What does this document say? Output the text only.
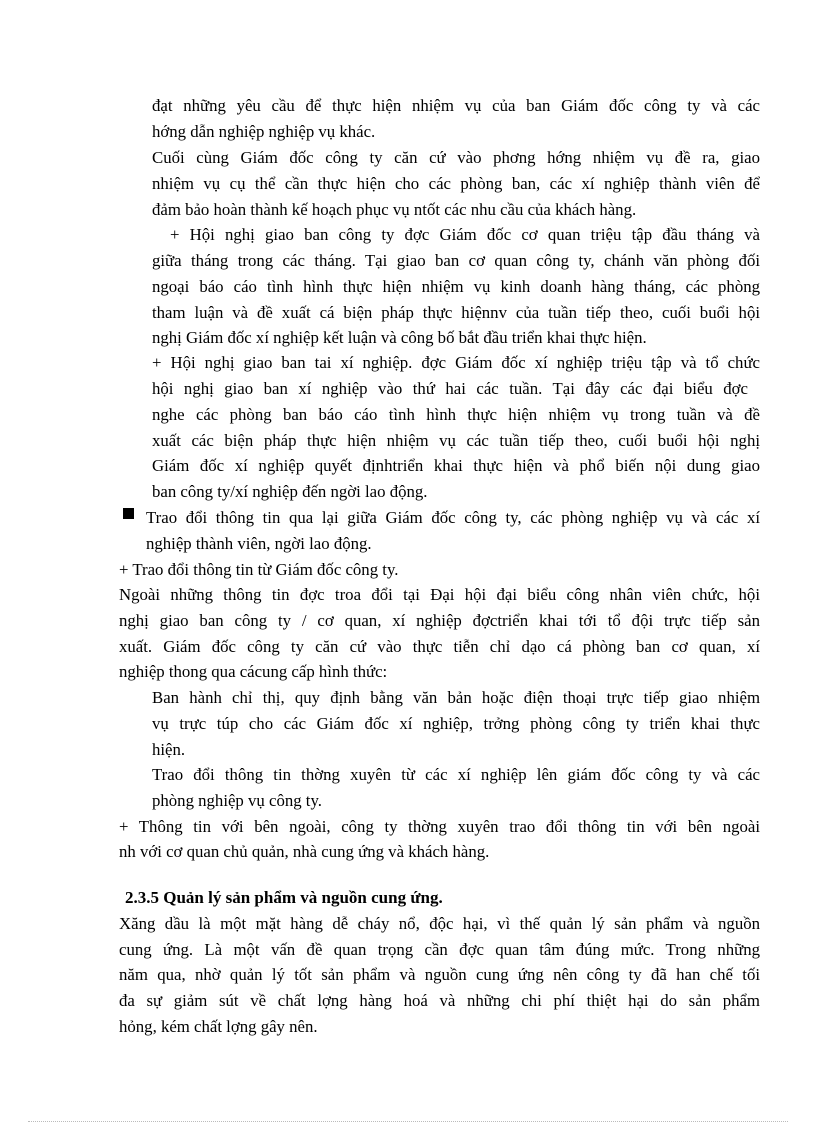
đạt những yêu cầu để thực hiện nhiệm vụ của ban Giám đốc công ty và các
hớng dẫn nghiệp nghiệp vụ khác.
Cuối cùng Giám đốc công ty căn cứ vào phơng hớng nhiệm vụ đề ra, giao
nhiệm vụ cụ thể cần thực hiện cho các phòng ban, các xí nghiệp thành viên để
đảm bảo hoàn thành kế hoạch phục vụ ntốt các nhu cầu của khách hàng.
+ Hội nghị giao ban công ty đợc Giám đốc cơ quan triệu tập đầu tháng và
giữa tháng trong các tháng. Tại giao ban cơ quan công ty, chánh văn phòng đối
ngoại báo cáo tình hình thực hiện nhiệm vụ kinh doanh hàng tháng, các phòng
tham luận và đề xuất cá biện pháp thực hiệnnv của tuần tiếp theo, cuối buổi hội
nghị Giám đốc xí nghiệp kết luận và công bố bắt đầu triển khai thực hiện.
+ Hội nghị giao ban tai xí nghiệp. đợc Giám đốc xí nghiệp triệu tập và tổ chức
hội nghị giao ban xí nghiệp vào thứ hai các tuần. Tại đây các đại biểu đợc
nghe các phòng ban báo cáo tình hình thực hiện nhiệm vụ trong tuần và đề
xuất các biện pháp thực hiện nhiệm vụ các tuần tiếp theo, cuối buổi hội nghị
Giám đốc xí nghiệp quyết địnhtriển khai thực hiện và phổ biến nội dung giao
ban công ty/xí nghiệp đến ngời lao động.
Trao đổi thông tin qua lại giữa Giám đốc công ty, các phòng nghiệp vụ và các xí
nghiệp thành viên, ngời lao động.
+ Trao đổi thông tin từ Giám đốc công ty.
Ngoài những thông tin đợc troa đổi tại Đại hội đại biểu công nhân viên chức, hội
nghị giao ban công ty / cơ quan, xí nghiệp đợctriển khai tới tổ đội trực tiếp sản
xuất. Giám đốc công ty căn cứ vào thực tiễn chỉ dạo cá phòng ban cơ quan, xí
nghiệp thong qua cácung cấp hình thức:
Ban hành chỉ thị, quy định bằng văn bản hoặc điện thoại trực tiếp giao nhiệm
vụ trực túp cho các Giám đốc xí nghiệp, trởng phòng công ty triển khai thực
hiện.
Trao đổi thông tin thờng xuyên từ các xí nghiệp lên giám đốc công ty và các
phòng nghiệp vụ công ty.
+ Thông tin với bên ngoài, công ty thờng xuyên trao đổi thông tin với bên ngoài
nh với cơ quan chủ quản, nhà cung ứng và khách hàng.
2.3.5 Quản lý sản phẩm và nguồn cung ứng.
Xăng dầu là một mặt hàng dễ cháy nổ, độc hại, vì thế quản lý sản phẩm và nguồn
cung ứng. Là một vấn đề quan trọng cần đợc quan tâm đúng mức. Trong những
năm qua, nhờ quản lý tốt sản phẩm và nguồn cung ứng nên công ty đã han chế tối
đa sự giảm sút về chất lợng hàng hoá và những chi phí thiệt hại do sản phẩm
hỏng, kém chất lợng gây nên.
